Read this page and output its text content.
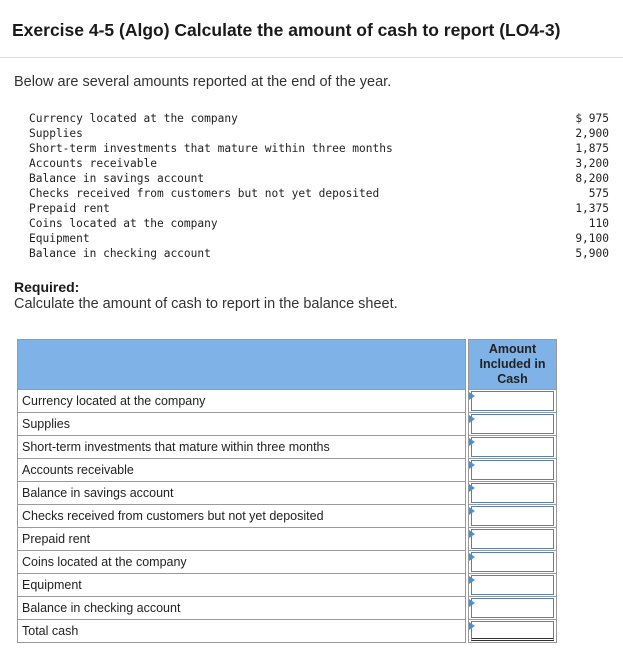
Exercise 4-5 (Algo) Calculate the amount of cash to report (LO4-3)
Below are several amounts reported at the end of the year.
Currency located at the company	$ 975
Supplies	2,900
Short-term investments that mature within three months	1,875
Accounts receivable	3,200
Balance in savings account	8,200
Checks received from customers but not yet deposited	575
Prepaid rent	1,375
Coins located at the company	110
Equipment	9,100
Balance in checking account	5,900
Required:
Calculate the amount of cash to report in the balance sheet.
		Amount
Included in
Cash
Currency located at the company		

Supplies		

Short-term investments that mature within three months		

Accounts receivable		

Balance in savings account		

Checks received from customers but not yet deposited		

Prepaid rent		

Coins located at the company		

Equipment		

Balance in checking account		

Total cash		
